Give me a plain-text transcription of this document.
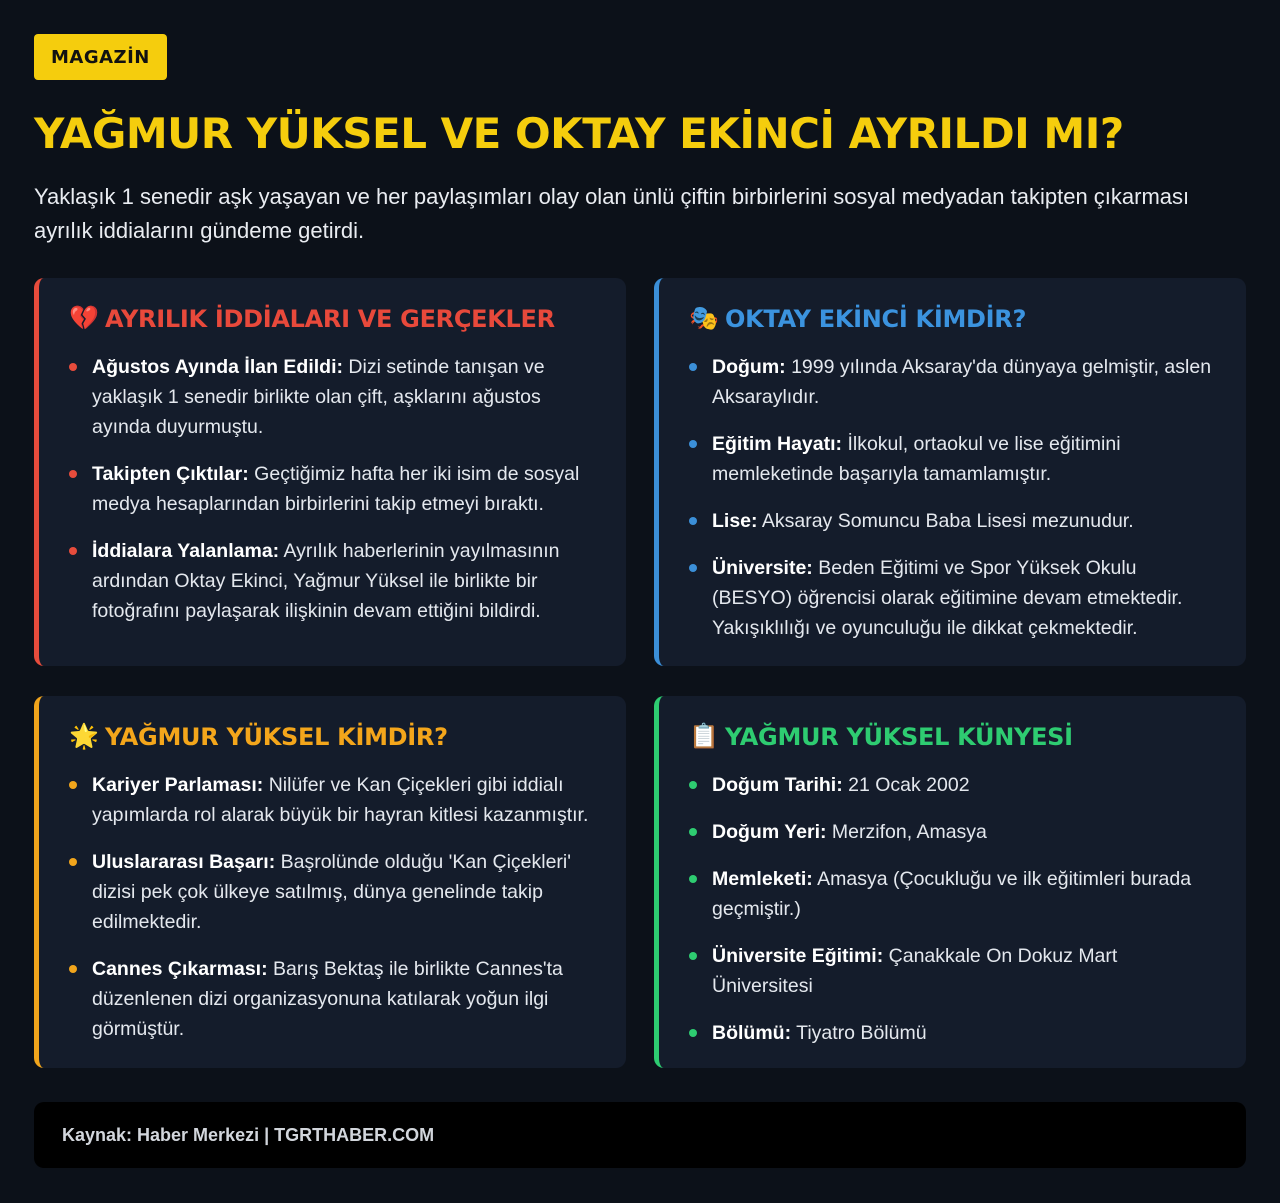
MAGAZİN
YAĞMUR YÜKSEL VE OKTAY EKİNCİ AYRILDI MI?

Yaklaşık 1 senedir aşk yaşayan ve her paylaşımları olay olan ünlü çiftin birbirlerini sosyal medyadan takipten çıkarması ayrılık iddialarını gündeme getirdi.

💔 AYRILIK İDDİALARI VE GERÇEKLER
Ağustos Ayında İlan Edildi: Dizi setinde tanışan ve yaklaşık 1 senedir birlikte olan çift, aşklarını ağustos ayında duyurmuştu.
Takipten Çıktılar: Geçtiğimiz hafta her iki isim de sosyal medya hesaplarından birbirlerini takip etmeyi bıraktı.
İddialara Yalanlama: Ayrılık haberlerinin yayılmasının ardından Oktay Ekinci, Yağmur Yüksel ile birlikte bir fotoğrafını paylaşarak ilişkinin devam ettiğini bildirdi.
🎭 OKTAY EKİNCİ KİMDİR?
Doğum: 1999 yılında Aksaray'da dünyaya gelmiştir, aslen Aksaraylıdır.
Eğitim Hayatı: İlkokul, ortaokul ve lise eğitimini memleketinde başarıyla tamamlamıştır.
Lise: Aksaray Somuncu Baba Lisesi mezunudur.
Üniversite: Beden Eğitimi ve Spor Yüksek Okulu (BESYO) öğrencisi olarak eğitimine devam etmektedir. Yakışıklılığı ve oyunculuğu ile dikkat çekmektedir.
🌟 YAĞMUR YÜKSEL KİMDİR?
Kariyer Parlaması: Nilüfer ve Kan Çiçekleri gibi iddialı yapımlarda rol alarak büyük bir hayran kitlesi kazanmıştır.
Uluslararası Başarı: Başrolünde olduğu 'Kan Çiçekleri' dizisi pek çok ülkeye satılmış, dünya genelinde takip edilmektedir.
Cannes Çıkarması: Barış Bektaş ile birlikte Cannes'ta düzenlenen dizi organizasyonuna katılarak yoğun ilgi görmüştür.
📋 YAĞMUR YÜKSEL KÜNYESİ
Doğum Tarihi: 21 Ocak 2002
Doğum Yeri: Merzifon, Amasya
Memleketi: Amasya (Çocukluğu ve ilk eğitimleri burada geçmiştir.)
Üniversite Eğitimi: Çanakkale On Dokuz Mart Üniversitesi
Bölümü: Tiyatro Bölümü
Kaynak: Haber Merkezi | TGRTHABER.COM
